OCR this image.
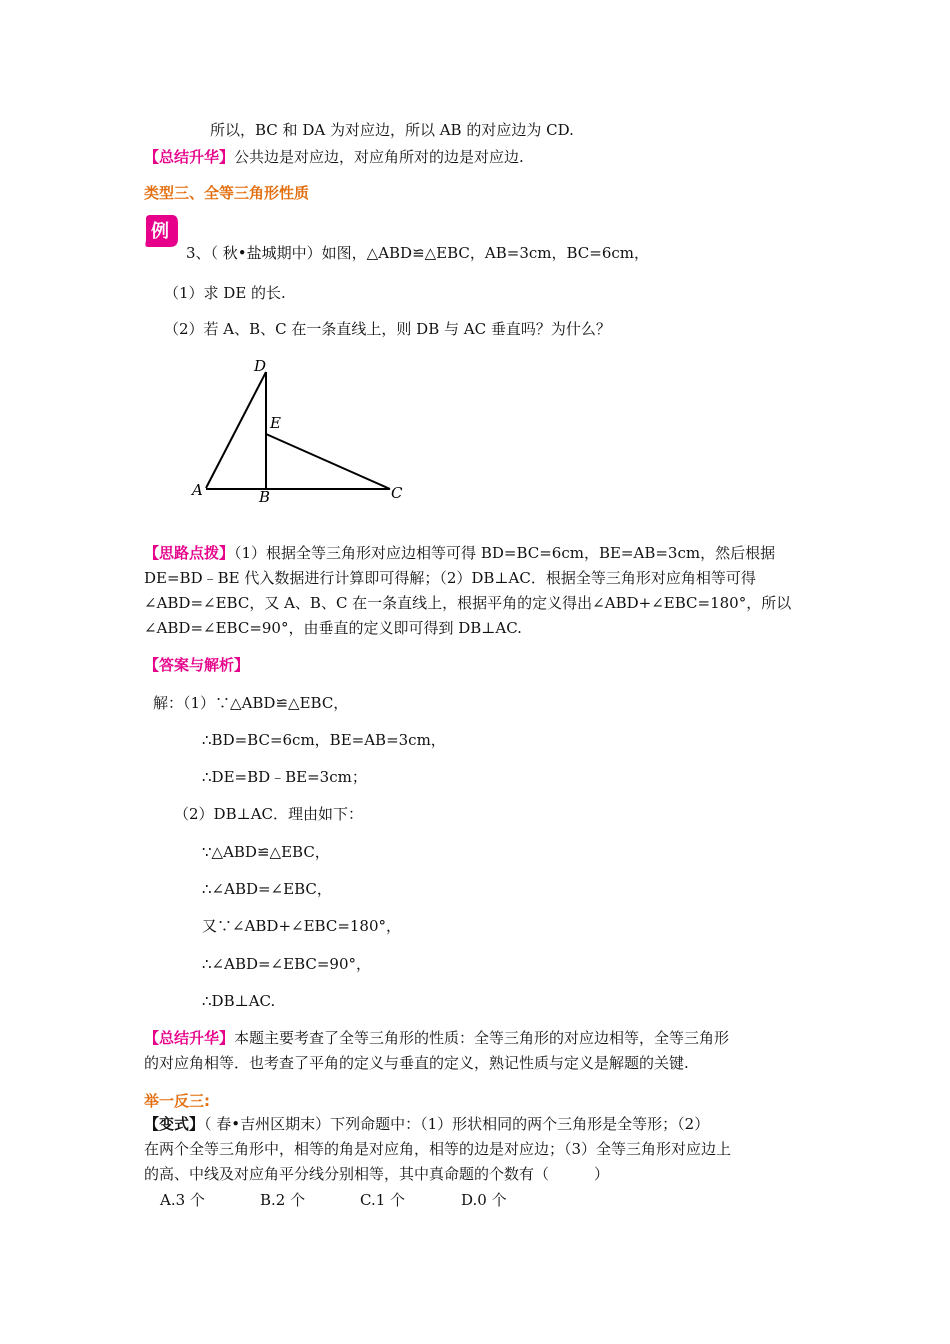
所以，BC 和 DA 为对应边，所以 AB 的对应边为 CD.
【总结升华】公共边是对应边，对应角所对的边是对应边.
类型三、全等三角形性质
例
3、（ 秋•盐城期中）如图，△ABD≌△EBC，AB=3cm，BC=6cm，
（1）求 DE 的长.
（2）若 A、B、C 在一条直线上，则 DB 与 AC 垂直吗？为什么？
D
E
A	B	C
【思路点拨】（1）根据全等三角形对应边相等可得 BD=BC=6cm，BE=AB=3cm，然后根据
DE=BD﹣BE 代入数据进行计算即可得解；（2）DB⊥AC．根据全等三角形对应角相等可得
∠ABD=∠EBC，又 A、B、C 在一条直线上，根据平角的定义得出∠ABD+∠EBC=180°，所以
∠ABD=∠EBC=90°，由垂直的定义即可得到 DB⊥AC.
【答案与解析】
解：（1）∵△ABD≌△EBC，
∴BD=BC=6cm，BE=AB=3cm，
∴DE=BD﹣BE=3cm；
（2）DB⊥AC．理由如下：
∵△ABD≌△EBC，
∴∠ABD=∠EBC，
又∵∠ABD+∠EBC=180°，
∴∠ABD=∠EBC=90°，
∴DB⊥AC.
【总结升华】本题主要考查了全等三角形的性质：全等三角形的对应边相等，全等三角形
的对应角相等．也考查了平角的定义与垂直的定义，熟记性质与定义是解题的关键.
举一反三:
【变式】（ 春•吉州区期末）下列命题中：（1）形状相同的两个三角形是全等形；（2）
在两个全等三角形中，相等的角是对应角，相等的边是对应边；（3）全等三角形对应边上
的高、中线及对应角平分线分别相等，其中真命题的个数有（　　　）
A.3 个	B.2 个	C.1 个	D.0 个
